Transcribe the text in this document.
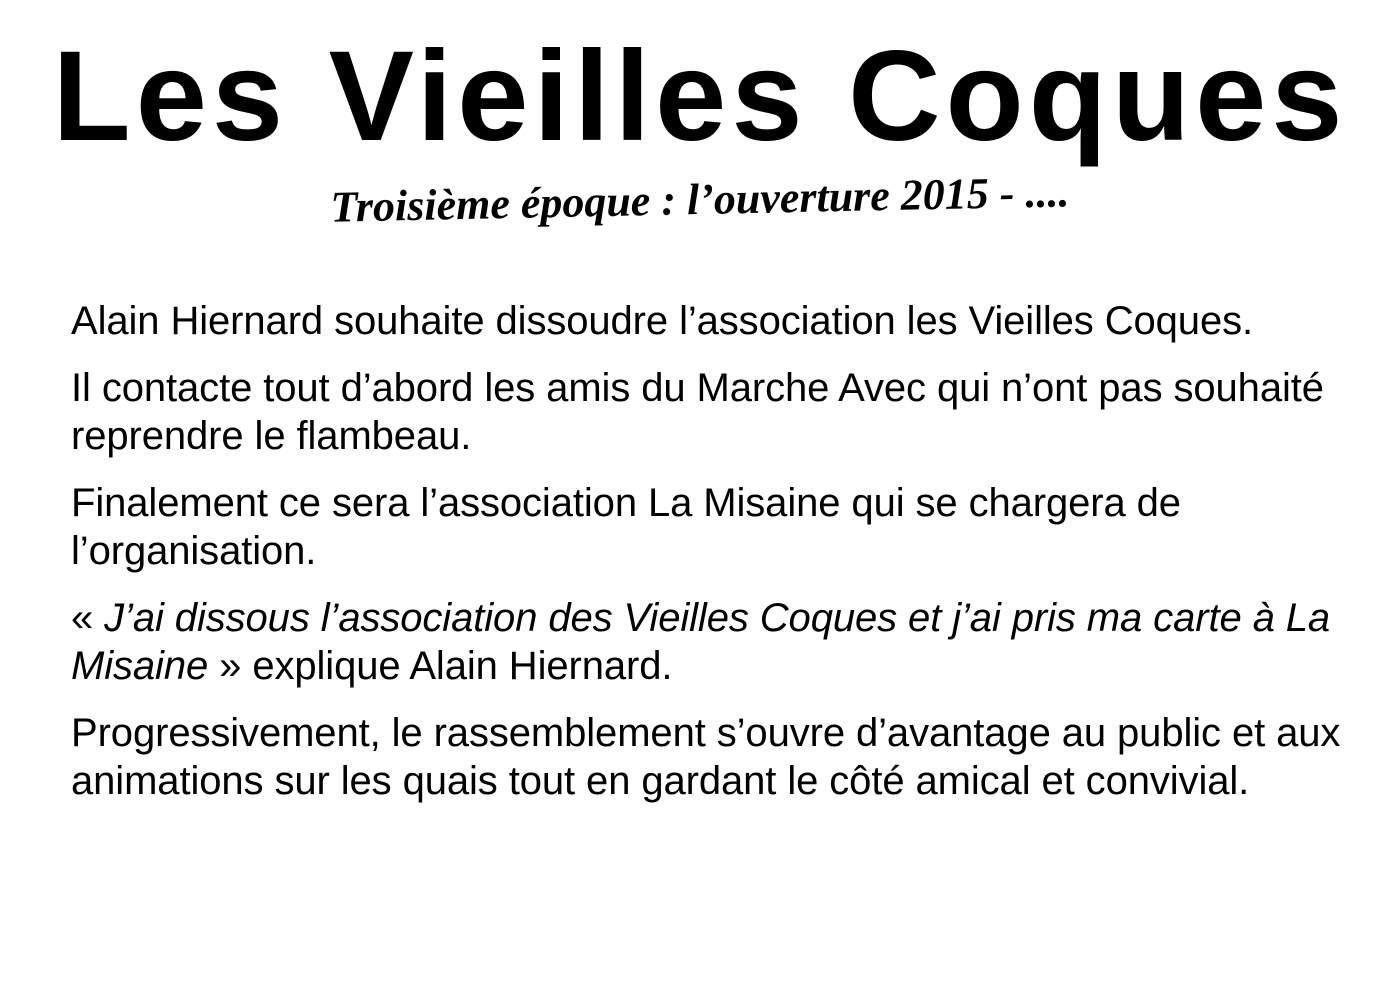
Les Vieilles Coques
Troisième époque : l’ouverture 2015 - ....

Alain Hiernard souhaite dissoudre l’association les Vieilles Coques.

Il contacte tout d’abord les amis du Marche Avec qui n’ont pas souhaité reprendre le flambeau.

Finalement ce sera l’association La Misaine qui se chargera de l’organisation.

« J’ai dissous l’association des Vieilles Coques et j’ai pris ma carte à La Misaine » explique Alain Hiernard.

Progressivement, le rassemblement s’ouvre d’avantage au public et aux animations sur les quais tout en gardant le côté amical et convivial.
